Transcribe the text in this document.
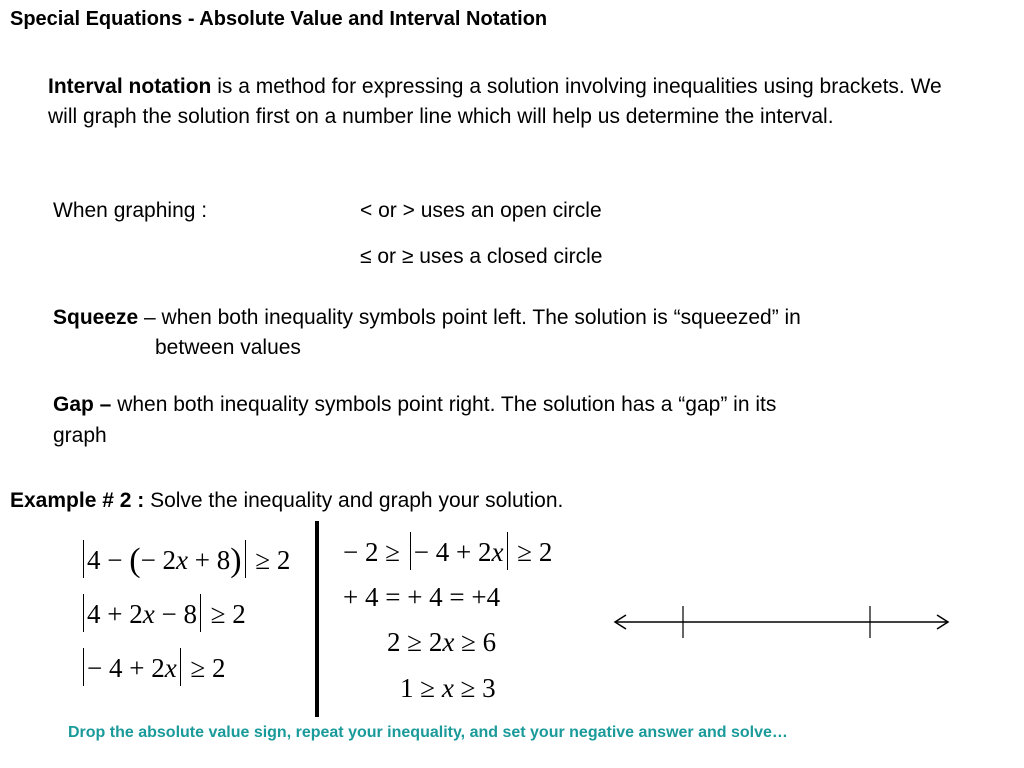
Special Equations - Absolute Value and Interval Notation
Interval notation is a method for expressing a solution involving inequalities using brackets. We will graph the solution first on a number line which will help us determine the interval.
When graphing :	< or > uses an open circle
≤ or ≥ uses a closed circle
Squeeze – when both inequality symbols point left. The solution is “squeezed” in
between values
Gap – when both inequality symbols point right. The solution has a “gap” in its
graph
Example # 2 : Solve the inequality and graph your solution.
4 − (− 2x + 8) ≥ 2
4 + 2x − 8 ≥ 2
− 4 + 2x ≥ 2
− 2 ≥ − 4 + 2x ≥ 2
+ 4 = + 4 = +4
2 ≥ 2x ≥ 6
1 ≥ x ≥ 3
Drop the absolute value sign, repeat your inequality, and set your negative answer and solve…
